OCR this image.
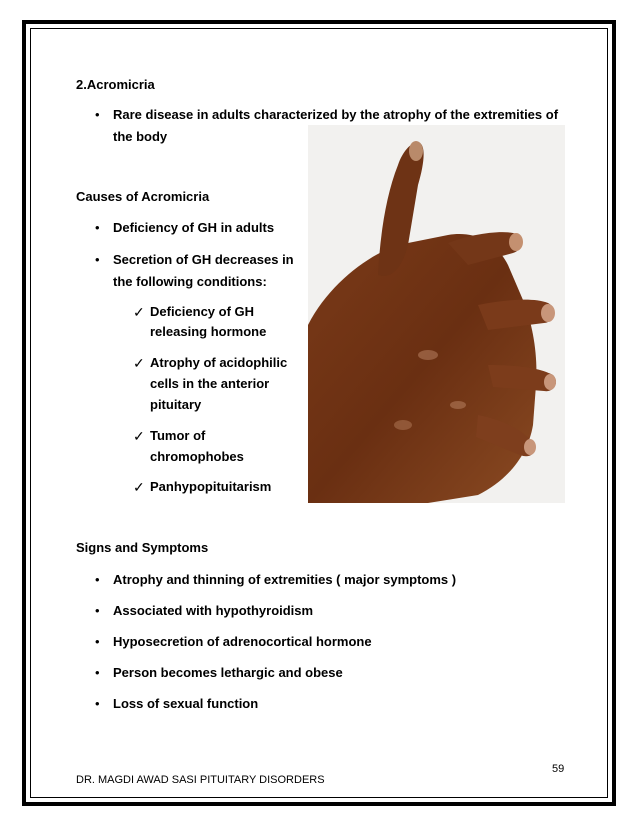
2.Acromicria
• Rare disease in adults characterized by the atrophy of the extremities of
the body
Causes of Acromicria
• Deficiency of GH in adults
• Secretion of GH decreases in
the following conditions:
✓ Deficiency of GH
releasing hormone
✓ Atrophy of acidophilic
cells in the anterior
pituitary
✓ Tumor of
chromophobes
✓ Panhypopituitarism
Signs and Symptoms
• Atrophy and thinning of extremities ( major symptoms )
• Associated with hypothyroidism
• Hyposecretion of adrenocortical hormone
• Person becomes lethargic and obese
• Loss of sexual function
59
DR. MAGDI AWAD SASI PITUITARY DISORDERS
